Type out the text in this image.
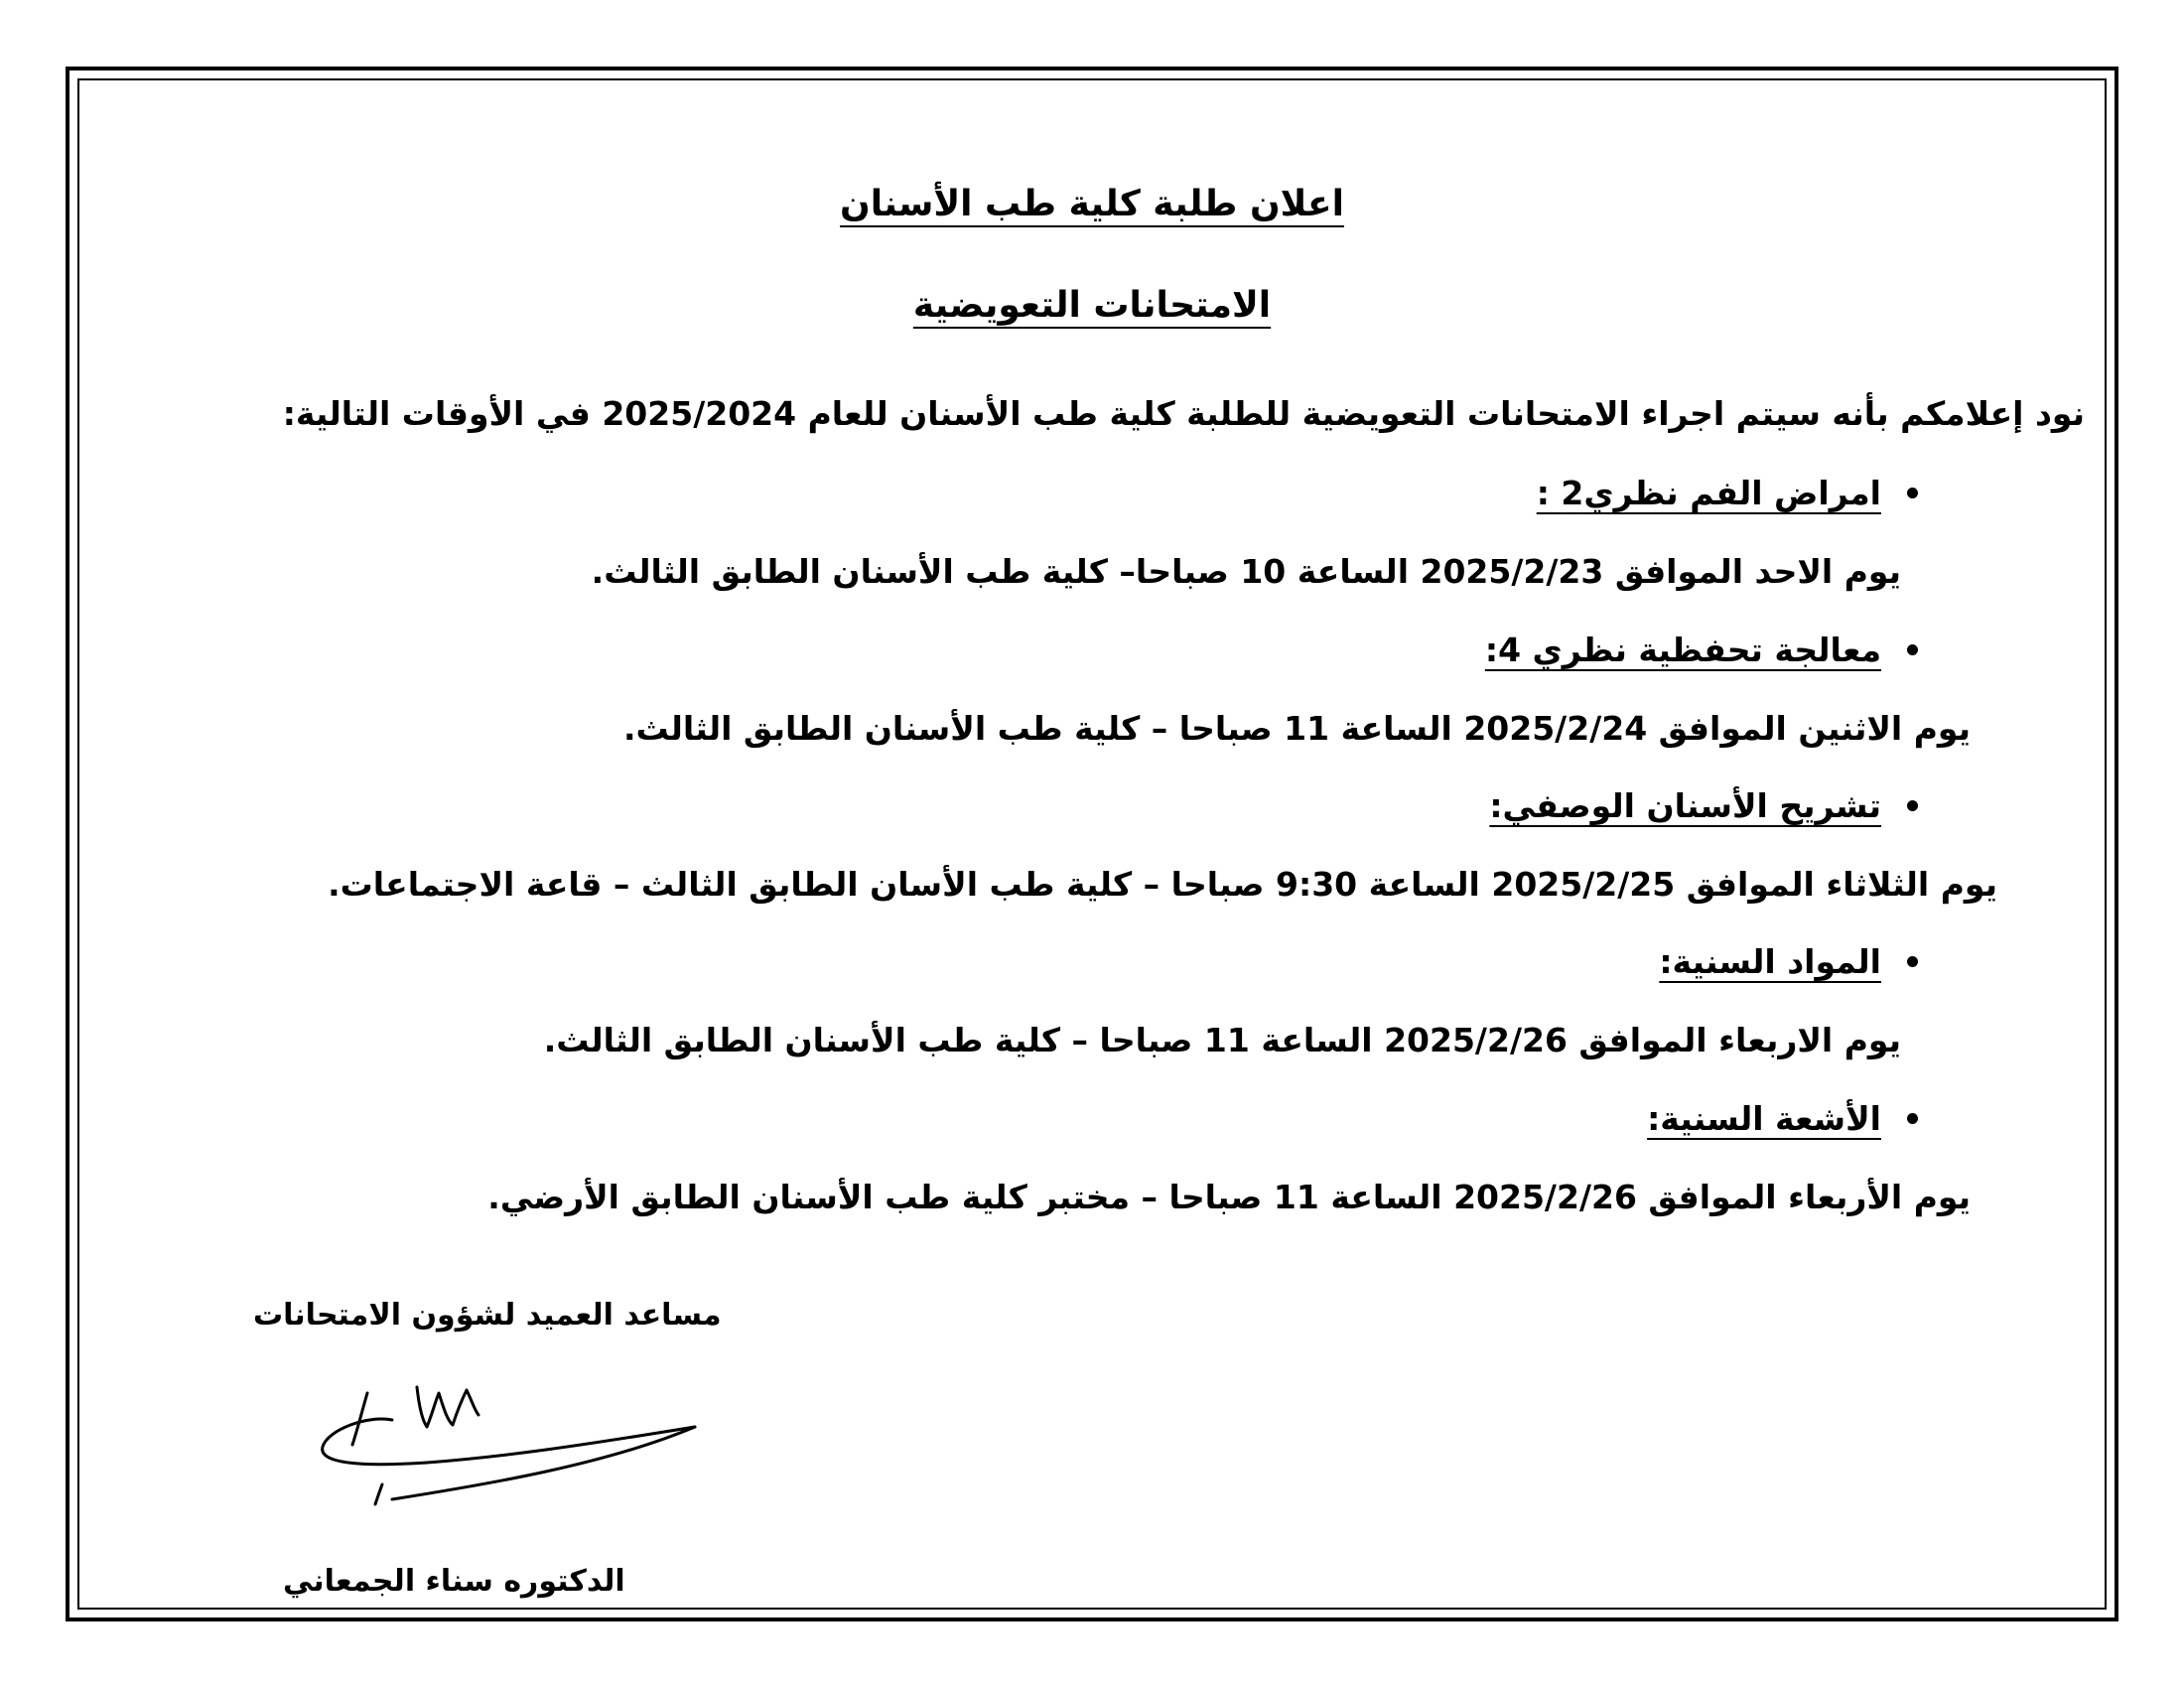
اعلان طلبة كلية طب الأسنان
الامتحانات التعويضية
نود إعلامكم بأنه سيتم اجراء الامتحانات التعويضية للطلبة كلية طب الأسنان للعام 2025/2024 في الأوقات التالية:
امراض الفم نظري2 :
يوم الاحد الموافق 2025/2/23 الساعة 10 صباحا– كلية طب الأسنان الطابق الثالث.
معالجة تحفظية نظري 4:
يوم الاثنين الموافق 2025/2/24 الساعة 11 صباحا – كلية طب الأسنان الطابق الثالث.
تشريح الأسنان الوصفي:
يوم الثلاثاء الموافق 2025/2/25 الساعة 9:30 صباحا – كلية طب الأسان الطابق الثالث – قاعة الاجتماعات.
المواد السنية:
يوم الاربعاء الموافق 2025/2/26 الساعة 11 صباحا – كلية طب الأسنان الطابق الثالث.
الأشعة السنية:
يوم الأربعاء الموافق 2025/2/26 الساعة 11 صباحا – مختبر كلية طب الأسنان الطابق الأرضي.
مساعد العميد لشؤون الامتحانات
الدكتوره سناء الجمعاني
